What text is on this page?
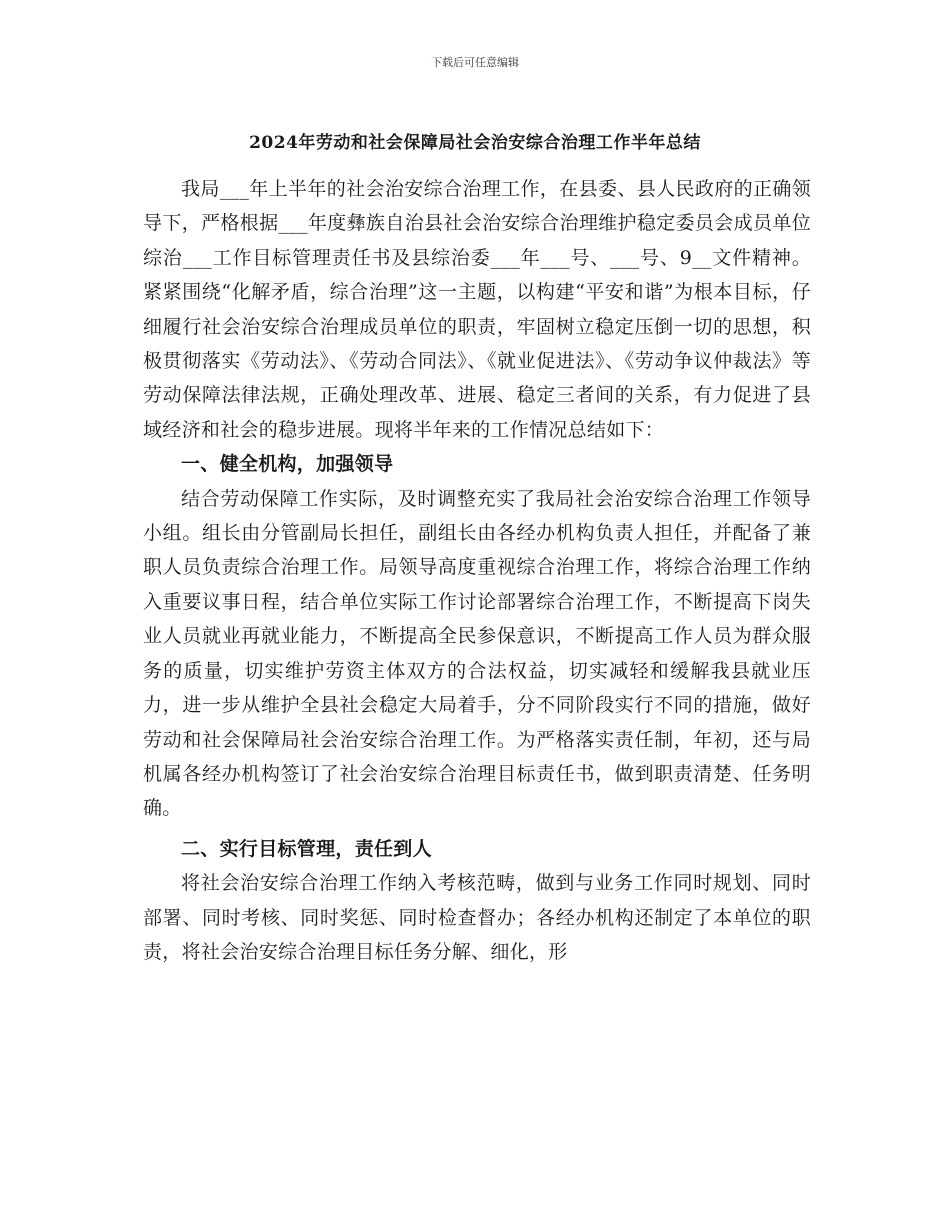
下载后可任意编辑
2024年劳动和社会保障局社会治安综合治理工作半年总结

我局___年上半年的社会治安综合治理工作，在县委、县人民政府的正确领导下，严格根据___年度彝族自治县社会治安综合治理维护稳定委员会成员单位综治___工作目标管理责任书及县综治委___年___号、___号、9__文件精神。紧紧围绕“化解矛盾，综合治理”这一主题，以构建“平安和谐”为根本目标，仔细履行社会治安综合治理成员单位的职责，牢固树立稳定压倒一切的思想，积极贯彻落实《劳动法》、《劳动合同法》、《就业促进法》、《劳动争议仲裁法》等劳动保障法律法规，正确处理改革、进展、稳定三者间的关系，有力促进了县域经济和社会的稳步进展。现将半年来的工作情况总结如下：

一、健全机构，加强领导

结合劳动保障工作实际，及时调整充实了我局社会治安综合治理工作领导小组。组长由分管副局长担任，副组长由各经办机构负责人担任，并配备了兼职人员负责综合治理工作。局领导高度重视综合治理工作，将综合治理工作纳入重要议事日程，结合单位实际工作讨论部署综合治理工作，不断提高下岗失业人员就业再就业能力，不断提高全民参保意识，不断提高工作人员为群众服务的质量，切实维护劳资主体双方的合法权益，切实减轻和缓解我县就业压力，进一步从维护全县社会稳定大局着手，分不同阶段实行不同的措施，做好劳动和社会保障局社会治安综合治理工作。为严格落实责任制，年初，还与局机属各经办机构签订了社会治安综合治理目标责任书，做到职责清楚、任务明确。

二、实行目标管理，责任到人

将社会治安综合治理工作纳入考核范畴，做到与业务工作同时规划、同时部署、同时考核、同时奖惩、同时检查督办；各经办机构还制定了本单位的职责，将社会治安综合治理目标任务分解、细化，形
